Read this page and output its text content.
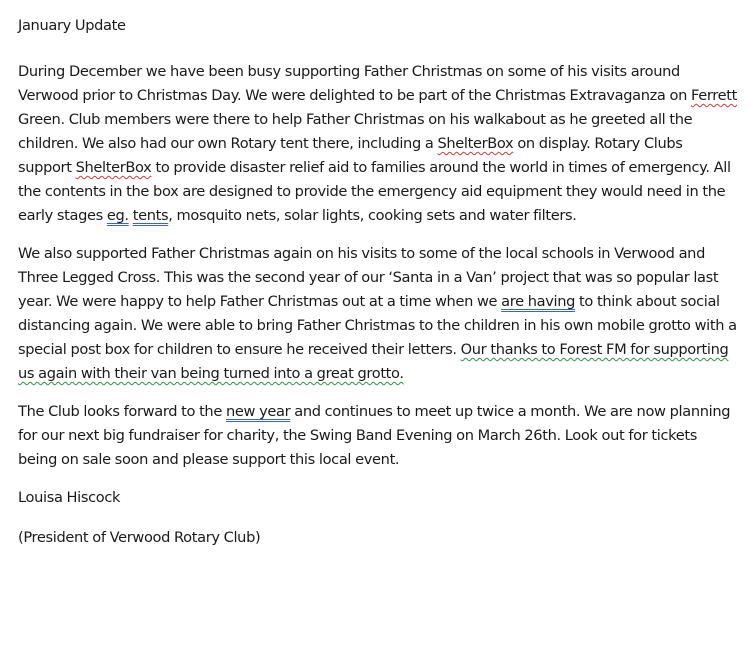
January Update

During December we have been busy supporting Father Christmas on some of his visits around Verwood prior to Christmas Day. We were delighted to be part of the Christmas Extravaganza on Ferrett Green. Club members were there to help Father Christmas on his walkabout as he greeted all the children. We also had our own Rotary tent there, including a ShelterBox on display. Rotary Clubs support ShelterBox to provide disaster relief aid to families around the world in times of emergency. All the contents in the box are designed to provide the emergency aid equipment they would need in the early stages eg. tents, mosquito nets, solar lights, cooking sets and water filters.

We also supported Father Christmas again on his visits to some of the local schools in Verwood and Three Legged Cross. This was the second year of our ‘Santa in a Van’ project that was so popular last year. We were happy to help Father Christmas out at a time when we are having to think about social distancing again. We were able to bring Father Christmas to the children in his own mobile grotto with a special post box for children to ensure he received their letters. Our thanks to Forest FM for supporting us again with their van being turned into a great grotto.

The Club looks forward to the new year and continues to meet up twice a month. We are now planning for our next big fundraiser for charity, the Swing Band Evening on March 26th. Look out for tickets being on sale soon and please support this local event.

Louisa Hiscock

(President of Verwood Rotary Club)
